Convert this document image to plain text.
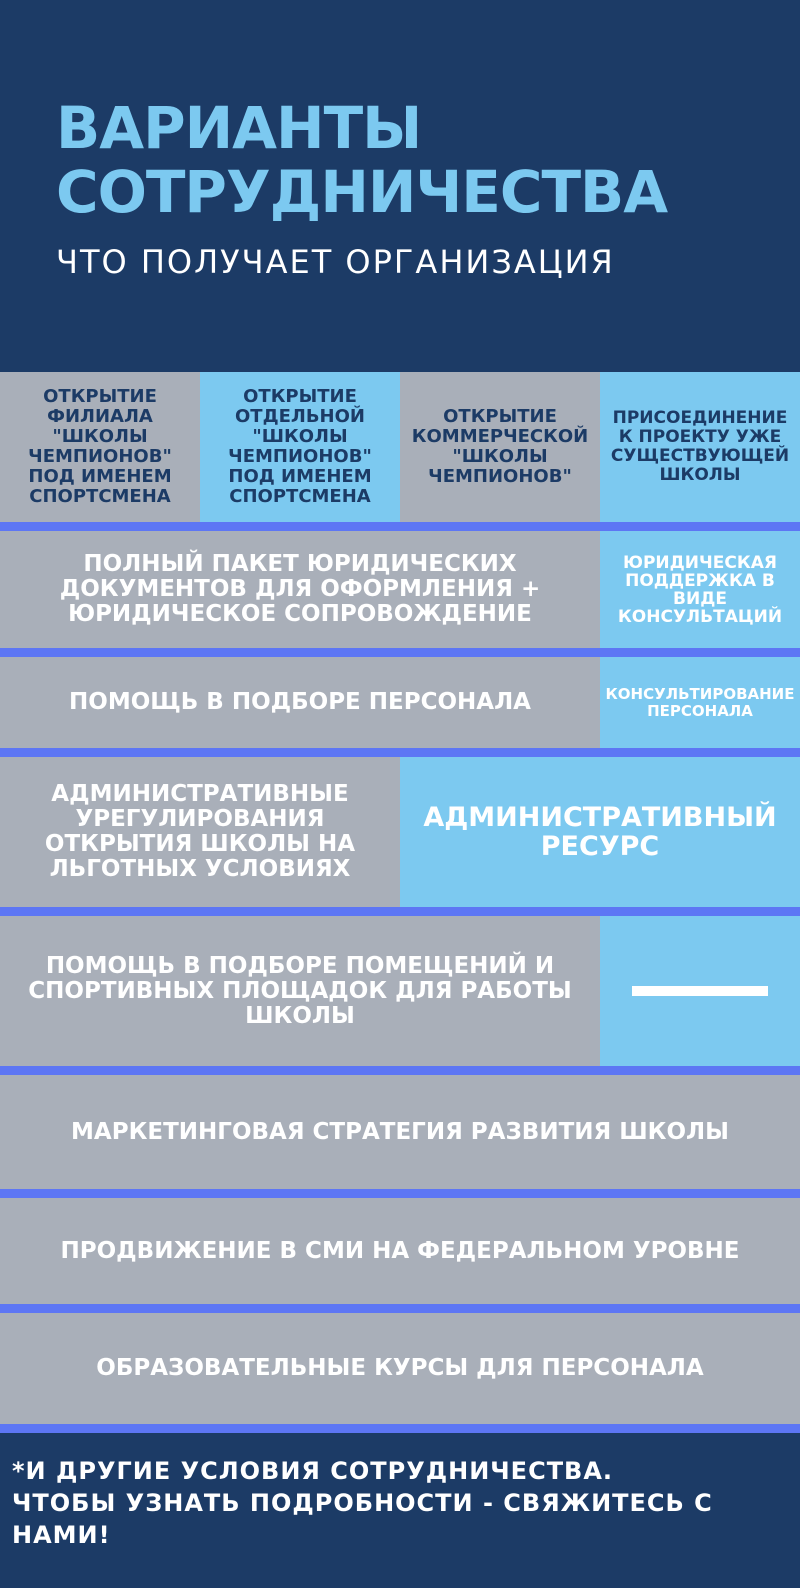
ВАРИАНТЫ СОТРУДНИЧЕСТВА
ЧТО ПОЛУЧАЕТ ОРГАНИЗАЦИЯ
ОТКРЫТИЕ ФИЛИАЛА "ШКОЛЫ ЧЕМПИОНОВ" ПОД ИМЕНЕМ СПОРТСМЕНА
ОТКРЫТИЕ ОТДЕЛЬНОЙ "ШКОЛЫ ЧЕМПИОНОВ" ПОД ИМЕНЕМ СПОРТСМЕНА
ОТКРЫТИЕ КОММЕРЧЕСКОЙ "ШКОЛЫ ЧЕМПИОНОВ"
ПРИСОЕДИНЕНИЕ К ПРОЕКТУ УЖЕ СУЩЕСТВУЮЩЕЙ ШКОЛЫ
ПОЛНЫЙ ПАКЕТ ЮРИДИЧЕСКИХ ДОКУМЕНТОВ ДЛЯ ОФОРМЛЕНИЯ + ЮРИДИЧЕСКОЕ СОПРОВОЖДЕНИЕ
ЮРИДИЧЕСКАЯ ПОДДЕРЖКА В ВИДЕ КОНСУЛЬТАЦИЙ
ПОМОЩЬ В ПОДБОРЕ ПЕРСОНАЛА	КОНСУЛЬТИРОВАНИЕ ПЕРСОНАЛА
АДМИНИСТРАТИВНЫЕ УРЕГУЛИРОВАНИЯ ОТКРЫТИЯ ШКОЛЫ НА ЛЬГОТНЫХ УСЛОВИЯХ
АДМИНИСТРАТИВНЫЙ РЕСУРС
ПОМОЩЬ В ПОДБОРЕ ПОМЕЩЕНИЙ И СПОРТИВНЫХ ПЛОЩАДОК ДЛЯ РАБОТЫ ШКОЛЫ
МАРКЕТИНГОВАЯ СТРАТЕГИЯ РАЗВИТИЯ ШКОЛЫ
ПРОДВИЖЕНИЕ В СМИ НА ФЕДЕРАЛЬНОМ УРОВНЕ
ОБРАЗОВАТЕЛЬНЫЕ КУРСЫ ДЛЯ ПЕРСОНАЛА
*И ДРУГИЕ УСЛОВИЯ СОТРУДНИЧЕСТВА.
ЧТОБЫ УЗНАТЬ ПОДРОБНОСТИ - СВЯЖИТЕСЬ С НАМИ!
